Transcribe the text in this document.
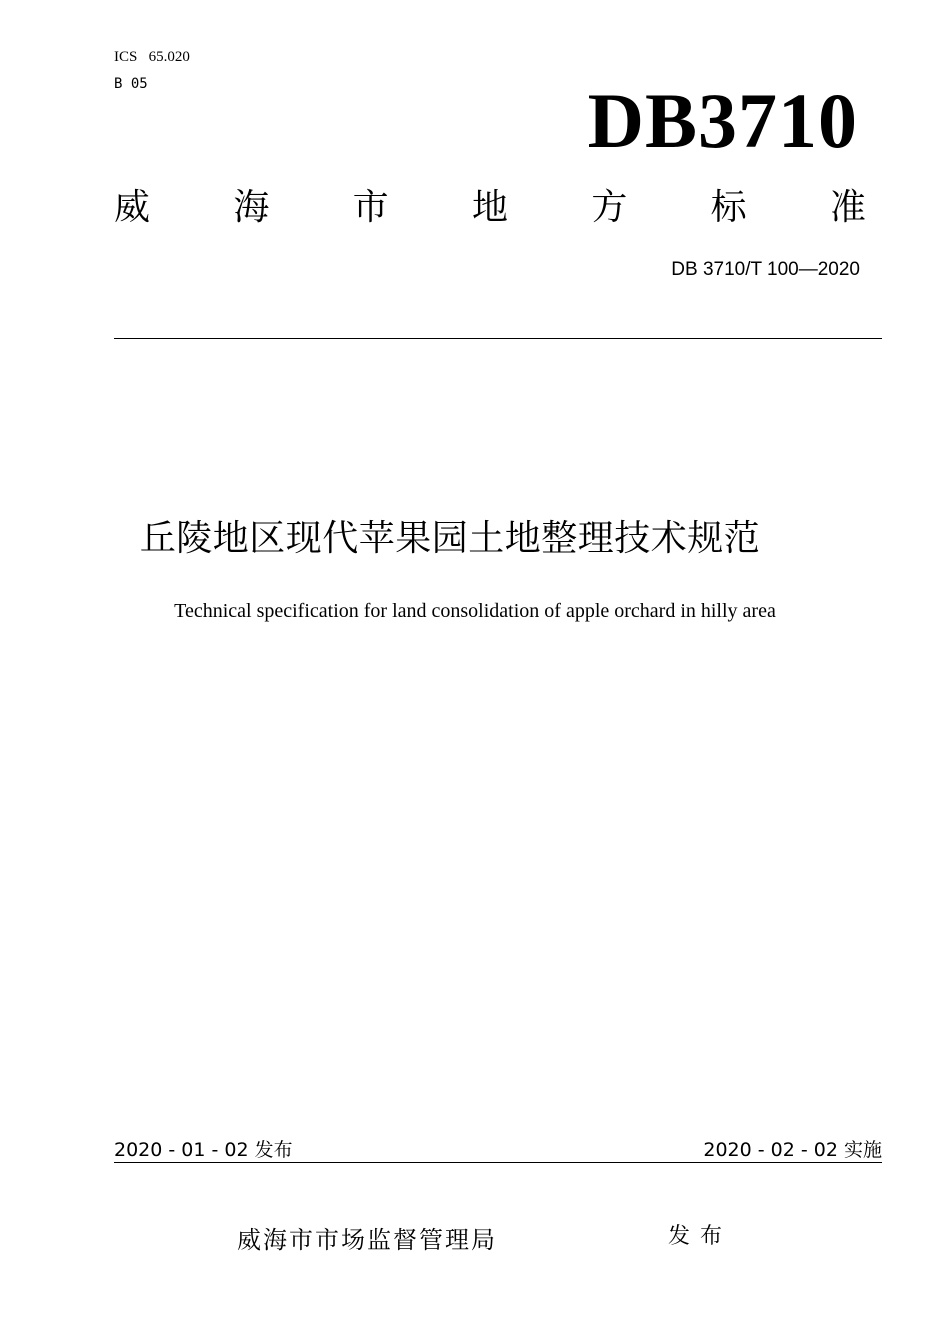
ICS   65.020
B 05	DB3710
威 海 市 地 方 标 准
DB 3710/T 100—2020
丘陵地区现代苹果园土地整理技术规范
Technical specification for land consolidation of apple orchard in hilly area
2020 - 01 - 02 发布	2020 - 02 - 02 实施
威海市市场监督管理局	发布
